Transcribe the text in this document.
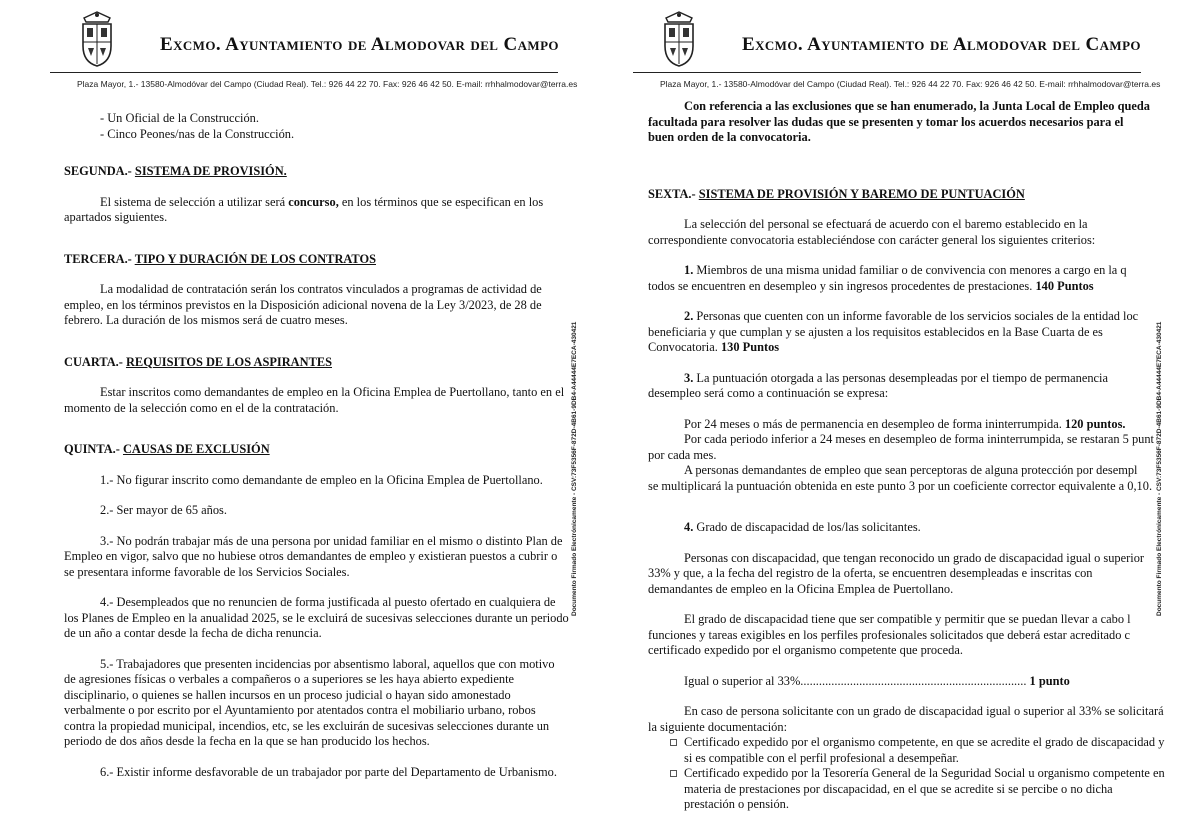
Excmo. Ayuntamiento de Almodovar del Campo
Plaza Mayor, 1.- 13580-Almodóvar del Campo (Ciudad Real). Tel.: 926 44 22 70. Fax: 926 46 42 50. E-mail: rrhhalmodovar@terra.es
Documento Firmado Electrónicamente - CSV:73F5356F-872D-4B61-9DB4-A44444E7ECA-430421
- Un Oficial de la Construcción.
- Cinco Peones/nas de la Construcción.
SEGUNDA.- SISTEMA DE PROVISIÓN.
El sistema de selección a utilizar será concurso, en los términos que se especifican en los
apartados siguientes.
TERCERA.- TIPO Y DURACIÓN DE LOS CONTRATOS
La modalidad de contratación serán los contratos vinculados a programas de actividad de
empleo, en los términos previstos en la Disposición adicional novena de la Ley 3/2023, de 28 de
febrero. La duración de los mismos será de cuatro meses.
CUARTA.- REQUISITOS DE LOS ASPIRANTES
Estar inscritos como demandantes de empleo en la Oficina Emplea de Puertollano, tanto en el
momento de la selección como en el de la contratación.
QUINTA.- CAUSAS DE EXCLUSIÓN
1.- No figurar inscrito como demandante de empleo en la Oficina Emplea de Puertollano.
2.- Ser mayor de 65 años.
3.- No podrán trabajar más de una persona por unidad familiar en el mismo o distinto Plan de
Empleo en vigor, salvo que no hubiese otros demandantes de empleo y existieran puestos a cubrir o
se presentara informe favorable de los Servicios Sociales.
4.- Desempleados que no renuncien de forma justificada al puesto ofertado en cualquiera de
los Planes de Empleo en la anualidad 2025, se le excluirá de sucesivas selecciones durante un periodo
de un año a contar desde la fecha de dicha renuncia.
5.- Trabajadores que presenten incidencias por absentismo laboral, aquellos que con motivo
de agresiones físicas o verbales a compañeros o a superiores se les haya abierto expediente
disciplinario, o quienes se hallen incursos en un proceso judicial o hayan sido amonestado
verbalmente o por escrito por el Ayuntamiento por atentados contra el mobiliario urbano, robos
contra la propiedad municipal, incendios, etc, se les excluirán de sucesivas selecciones durante un
periodo de dos años desde la fecha en la que se han producido los hechos.
6.- Existir informe desfavorable de un trabajador por parte del Departamento de Urbanismo.
Excmo. Ayuntamiento de Almodovar del Campo
Plaza Mayor, 1.- 13580-Almodóvar del Campo (Ciudad Real). Tel.: 926 44 22 70. Fax: 926 46 42 50. E-mail: rrhhalmodovar@terra.es
Documento Firmado Electrónicamente - CSV:73F5356F-872D-4B61-9DB4-A44444E7ECA-430421
Con referencia a las exclusiones que se han enumerado, la Junta Local de Empleo queda
facultada para resolver las dudas que se presenten y tomar los acuerdos necesarios para el
buen orden de la convocatoria.
SEXTA.- SISTEMA DE PROVISIÓN Y BAREMO DE PUNTUACIÓN
La selección del personal se efectuará de acuerdo con el baremo establecido en la
correspondiente convocatoria estableciéndose con carácter general los siguientes criterios:
1. Miembros de una misma unidad familiar o de convivencia con menores a cargo en la q
todos se encuentren en desempleo y sin ingresos procedentes de prestaciones. 140 Puntos
2. Personas que cuenten con un informe favorable de los servicios sociales de la entidad loc
beneficiaria y que cumplan y se ajusten a los requisitos establecidos en la Base Cuarta de es
Convocatoria. 130 Puntos
3. La puntuación otorgada a las personas desempleadas por el tiempo de permanencia
desempleo será como a continuación se expresa:
Por 24 meses o más de permanencia en desempleo de forma ininterrumpida. 120 puntos.
Por cada periodo inferior a 24 meses en desempleo de forma ininterrumpida, se restaran 5 punt
por cada mes.
A personas demandantes de empleo que sean perceptoras de alguna protección por desempl
se multiplicará la puntuación obtenida en este punto 3 por un coeficiente corrector equivalente a 0,10.
4. Grado de discapacidad de los/las solicitantes.
Personas con discapacidad, que tengan reconocido un grado de discapacidad igual o superior
33% y que, a la fecha del registro de la oferta, se encuentren desempleadas e inscritas con
demandantes de empleo en la Oficina Emplea de Puertollano.
El grado de discapacidad tiene que ser compatible y permitir que se puedan llevar a cabo l
funciones y tareas exigibles en los perfiles profesionales solicitados que deberá estar acreditado c
certificado expedido por el organismo competente que proceda.
Igual o superior al 33%......................................................................... 1 punto
En caso de persona solicitante con un grado de discapacidad igual o superior al 33% se solicitará
la siguiente documentación:
Certificado expedido por el organismo competente, en que se acredite el grado de discapacidad y
si es compatible con el perfil profesional a desempeñar.
Certificado expedido por la Tesorería General de la Seguridad Social u organismo competente en
materia de prestaciones por discapacidad, en el que se acredite si se percibe o no dicha
prestación o pensión.
